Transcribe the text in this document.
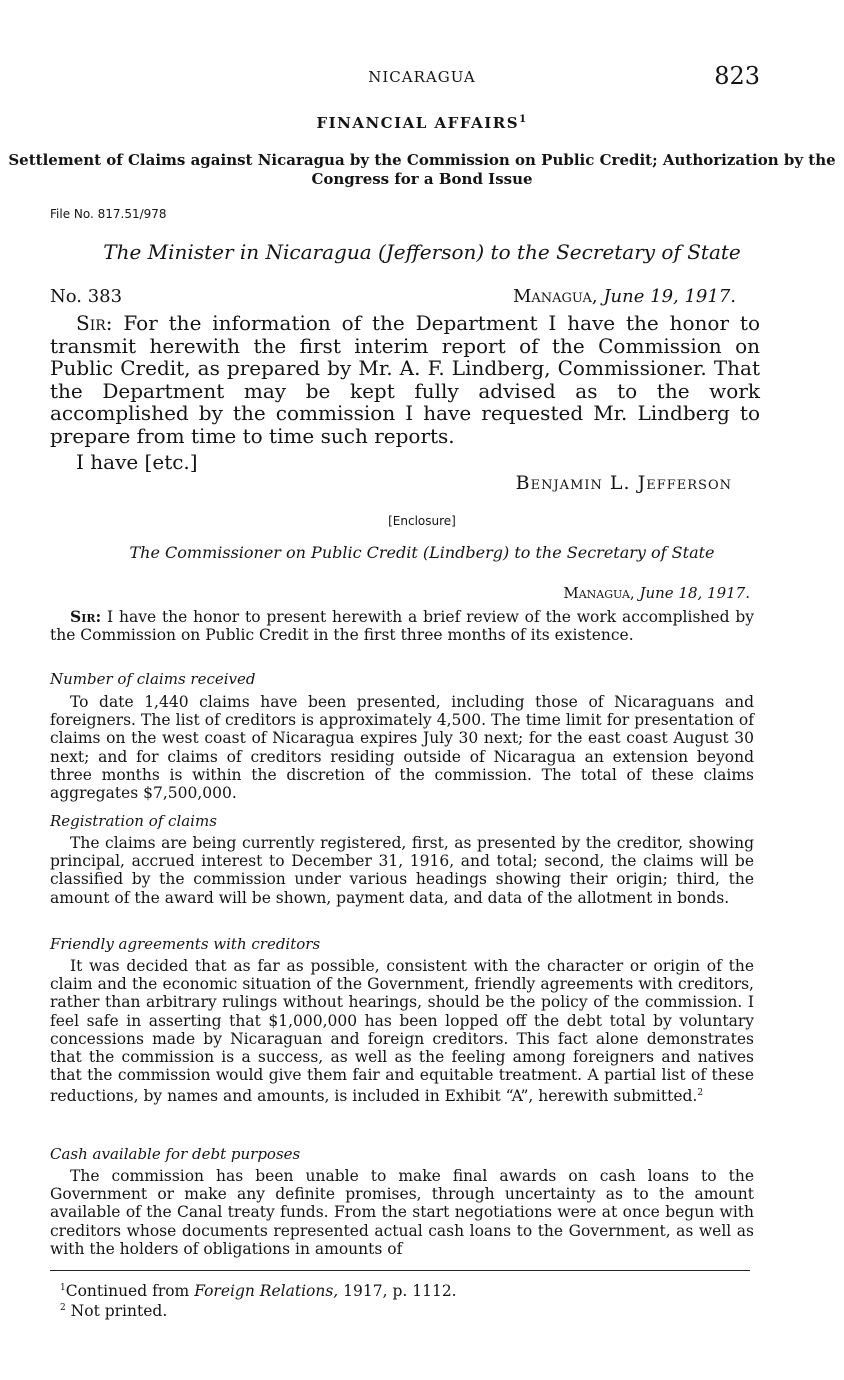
NICARAGUA	823
FINANCIAL AFFAIRS$^1$
Settlement of Claims against Nicaragua by the Commission on Public Credit; Authorization by the Congress for a Bond Issue
File No. 817.51/978
The Minister in Nicaragua (Jefferson) to the Secretary of State
No. 383	Managua, June 19, 1917.
Sir: For the information of the Department I have the honor to transmit herewith the first interim report of the Commission on Public Credit, as prepared by Mr. A. F. Lindberg, Commissioner. That the Department may be kept fully advised as to the work accomplished by the commission I have requested Mr. Lindberg to prepare from time to time such reports.
I have [etc.]
Benjamin L. Jefferson
[Enclosure]
The Commissioner on Public Credit (Lindberg) to the Secretary of State
Managua, June 18, 1917.
Sir: I have the honor to present herewith a brief review of the work accomplished by the Commission on Public Credit in the first three months of its existence.
Number of claims received
To date 1,440 claims have been presented, including those of Nicaraguans and foreigners. The list of creditors is approximately 4,500. The time limit for presentation of claims on the west coast of Nicaragua expires July 30 next; for the east coast August 30 next; and for claims of creditors residing outside of Nicaragua an extension beyond three months is within the discretion of the commission. The total of these claims aggregates $7,500,000.
Registration of claims
The claims are being currently registered, first, as presented by the creditor, showing principal, accrued interest to December 31, 1916, and total; second, the claims will be classified by the commission under various headings showing their origin; third, the amount of the award will be shown, payment data, and data of the allotment in bonds.
Friendly agreements with creditors
It was decided that as far as possible, consistent with the character or origin of the claim and the economic situation of the Government, friendly agreements with creditors, rather than arbitrary rulings without hearings, should be the policy of the commission. I feel safe in asserting that $1,000,000 has been lopped off the debt total by voluntary concessions made by Nicaraguan and foreign creditors. This fact alone demonstrates that the commission is a success, as well as the feeling among foreigners and natives that the commission would give them fair and equitable treatment. A partial list of these reductions, by names and amounts, is included in Exhibit “A”, herewith submitted.$^2$
Cash available for debt purposes
The commission has been unable to make final awards on cash loans to the Government or make any definite promises, through uncertainty as to the amount available of the Canal treaty funds. From the start negotiations were at once begun with creditors whose documents represented actual cash loans to the Government, as well as with the holders of obligations in amounts of
$^1$Continued from Foreign Relations, 1917, p. 1112.
$^2$ Not printed.
